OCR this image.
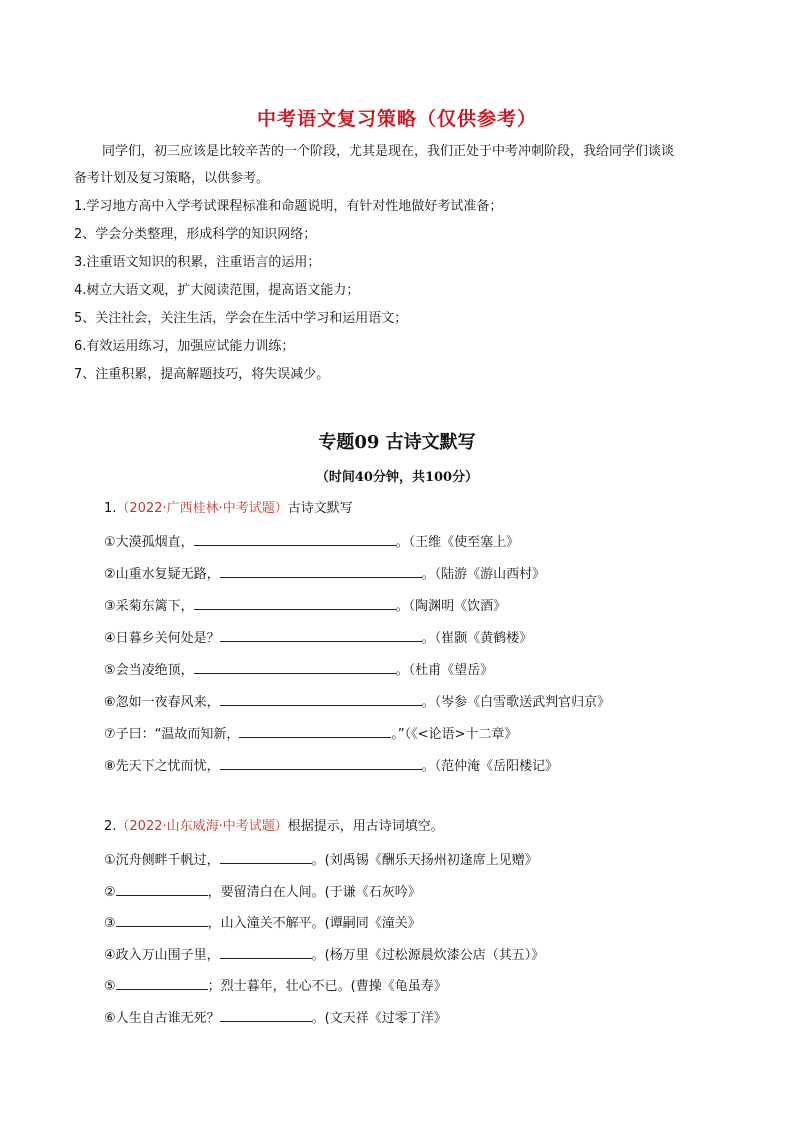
中考语文复习策略（仅供参考）
同学们，初三应该是比较辛苦的一个阶段，尤其是现在，我们正处于中考冲刺阶段，我给同学们谈谈
备考计划及复习策略，以供参考。
1.学习地方高中入学考试课程标准和命题说明，有针对性地做好考试准备；
2、学会分类整理，形成科学的知识网络；
3.注重语文知识的积累，注重语言的运用；
4.树立大语文观，扩大阅读范围，提高语文能力；
5、关注社会，关注生活，学会在生活中学习和运用语文；
6.有效运用练习，加强应试能力训练；
7、注重积累，提高解题技巧，将失误减少。
专题09 古诗文默写
（时间40分钟，共100分）
1.（2022·广西桂林·中考试题）古诗文默写
①大漠孤烟直，	。（王维《使至塞上》
②山重水复疑无路，	。（陆游《游山西村》
③采菊东篱下，	。（陶渊明《饮酒》
④日暮乡关何处是？	。（崔颢《黄鹤楼》
⑤会当凌绝顶，	。（杜甫《望岳》
⑥忽如一夜春风来，	。（岑参《白雪歌送武判官归京》
⑦子曰：“温故而知新，	。”（《<论语>十二章》
⑧先天下之忧而忧，	。（范仲淹《岳阳楼记》
2.（2022·山东威海·中考试题）根据提示，用古诗词填空。
①沉舟侧畔千帆过，	。(刘禹锡《酬乐天扬州初逢席上见赠》
②	，要留清白在人间。(于谦《石灰吟》
③	，山入潼关不解平。(谭嗣同《潼关》
④政入万山围子里，	。(杨万里《过松源晨炊漆公店（其五）》
⑤	；烈士暮年，壮心不已。(曹操《龟虽寿》
⑥人生自古谁无死？	。(文天祥《过零丁洋》
